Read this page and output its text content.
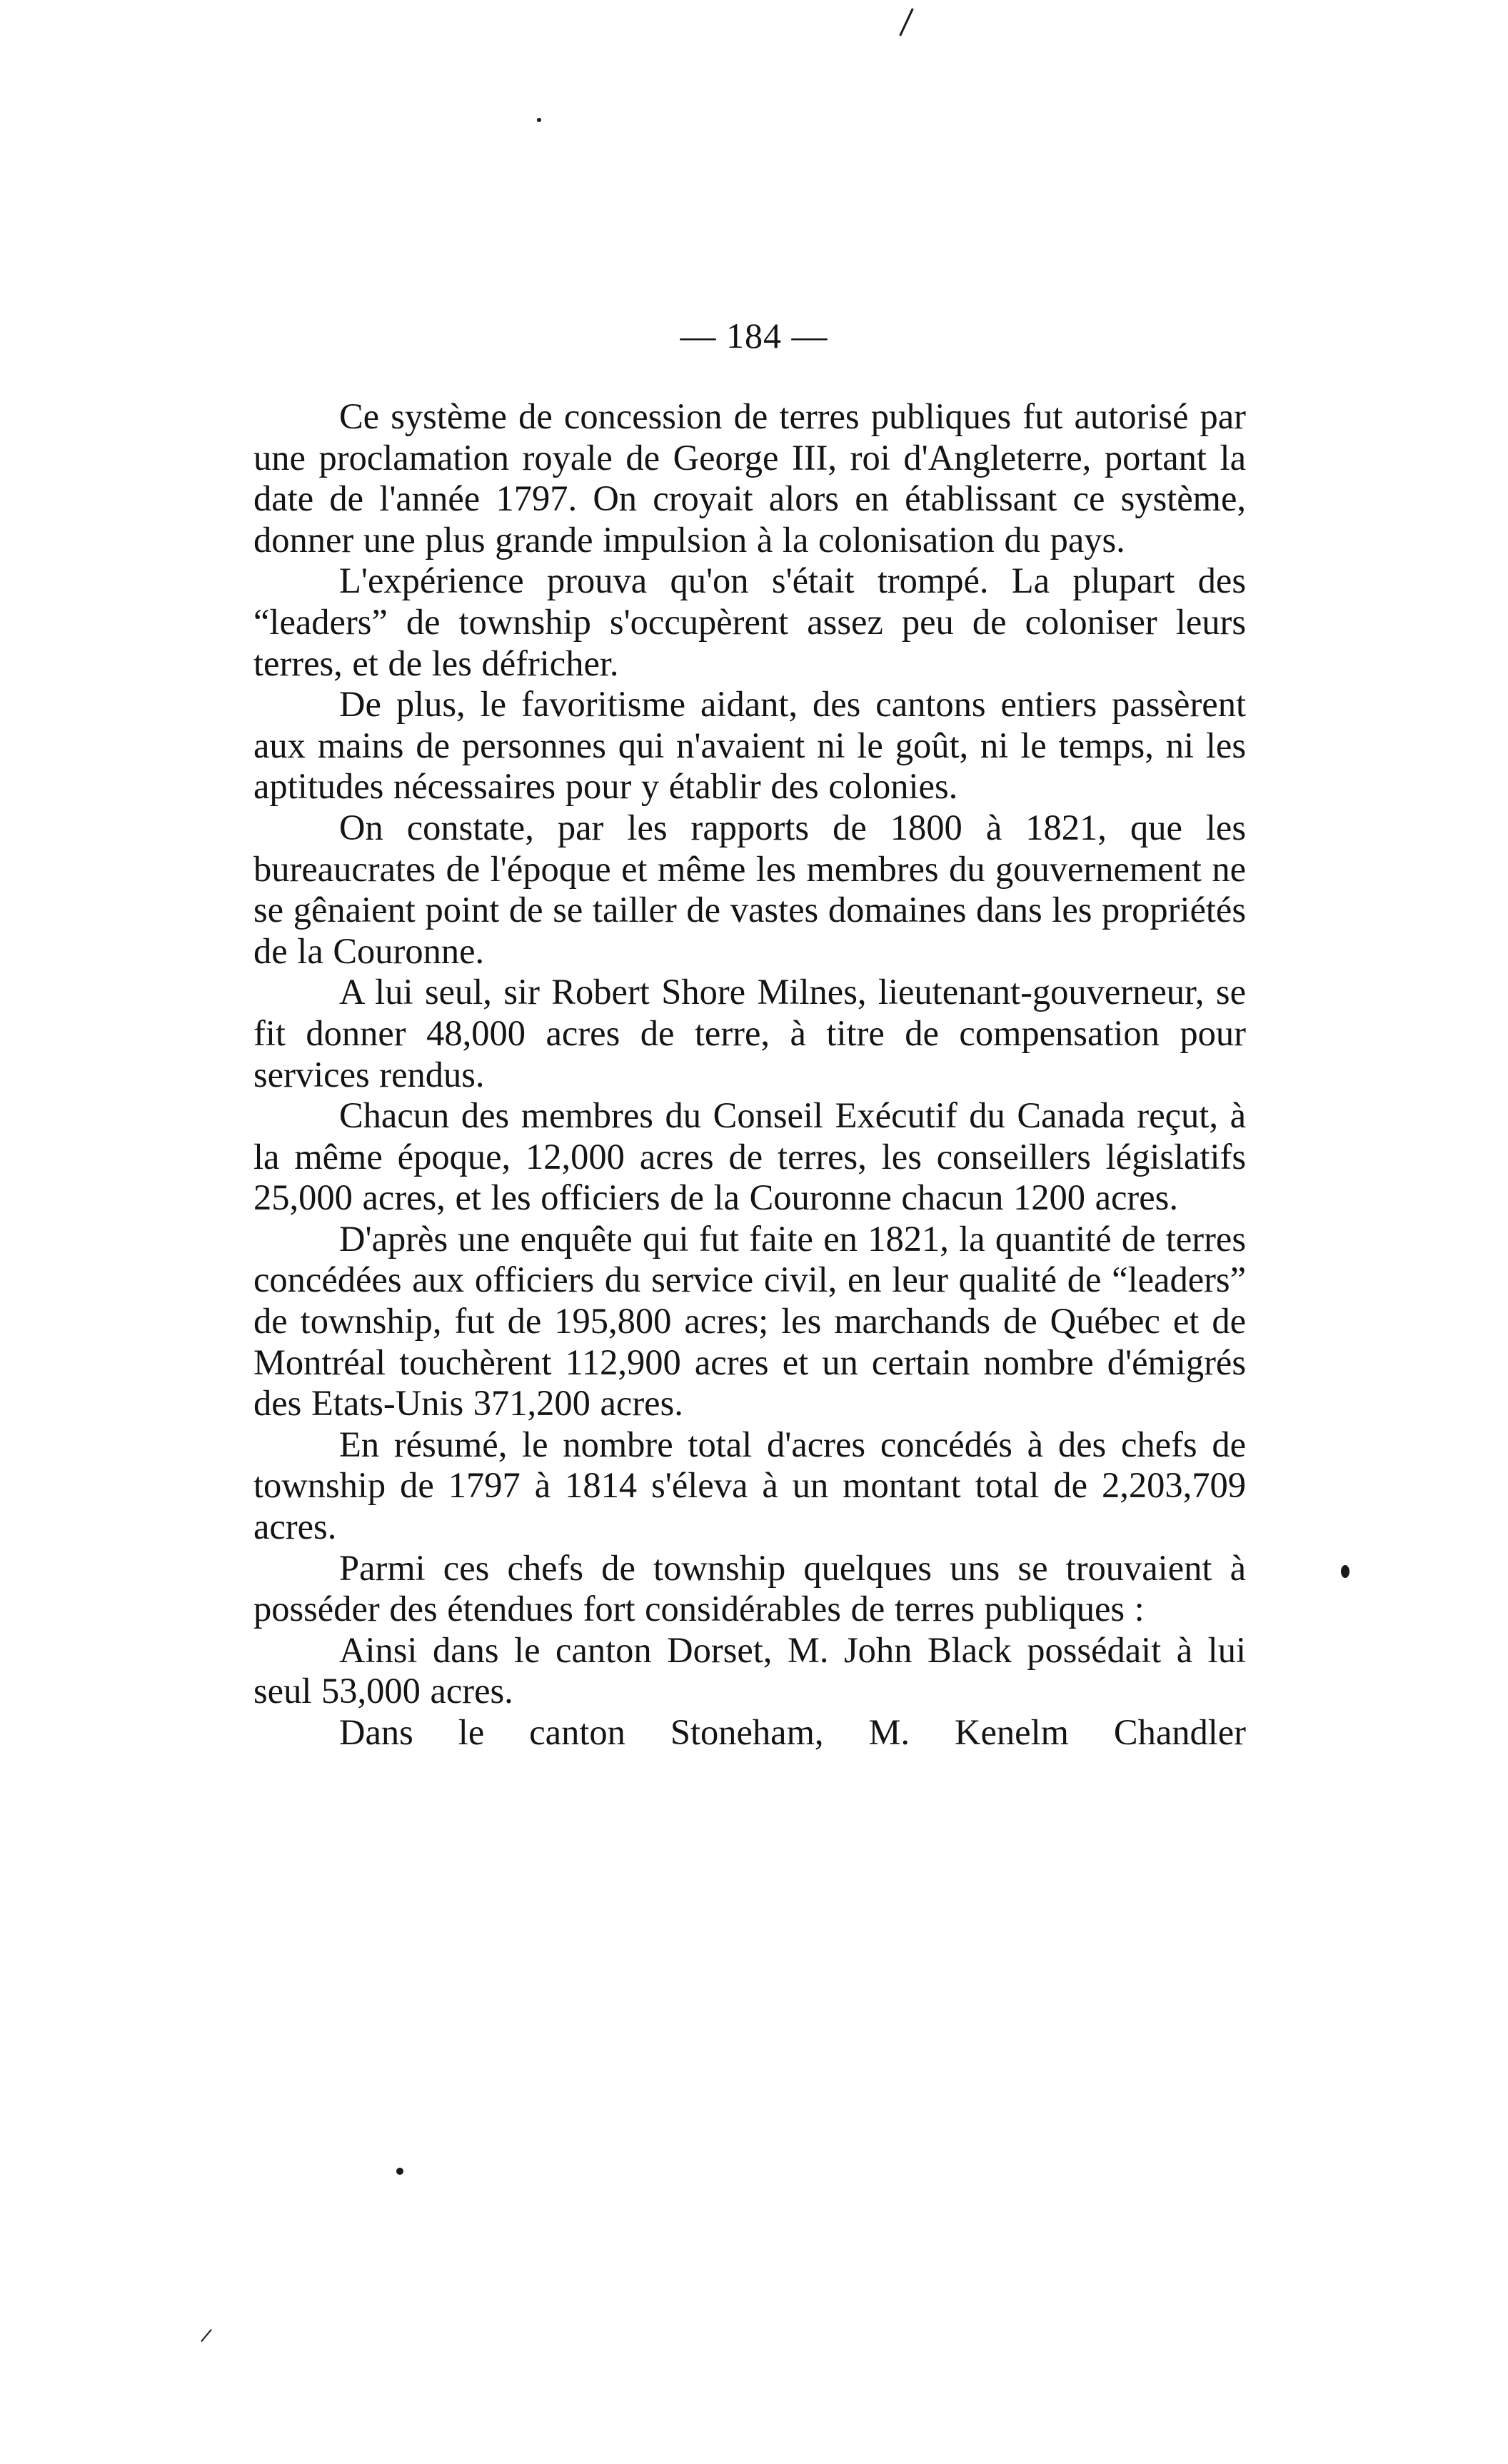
— 184 —

Ce système de concession de terres publiques fut autorisé par une proclamation royale de George III, roi d'Angleterre, portant la date de l'année 1797. On croyait alors en établissant ce système, donner une plus grande impulsion à la colonisation du pays.

L'expérience prouva qu'on s'était trompé. La plupart des “leaders” de township s'occupèrent assez peu de coloniser leurs terres, et de les défricher.

De plus, le favoritisme aidant, des cantons entiers passèrent aux mains de personnes qui n'avaient ni le goût, ni le temps, ni les aptitudes nécessaires pour y établir des colonies.

On constate, par les rapports de 1800 à 1821, que les bureaucrates de l'époque et même les membres du gouvernement ne se gênaient point de se tailler de vastes domaines dans les propriétés de la Couronne.

A lui seul, sir Robert Shore Milnes, lieutenant-gouverneur, se fit donner 48,000 acres de terre, à titre de compensation pour services rendus.

Chacun des membres du Conseil Exécutif du Canada reçut, à la même époque, 12,000 acres de terres, les conseillers législatifs 25,000 acres, et les officiers de la Couronne chacun 1200 acres.

D'après une enquête qui fut faite en 1821, la quantité de terres concédées aux officiers du service civil, en leur qualité de “leaders” de township, fut de 195,800 acres; les marchands de Québec et de Montréal touchèrent 112,900 acres et un certain nombre d'émigrés des Etats-Unis 371,200 acres.

En résumé, le nombre total d'acres concédés à des chefs de township de 1797 à 1814 s'éleva à un montant total de 2,203,709 acres.

Parmi ces chefs de township quelques uns se trouvaient à posséder des étendues fort considérables de terres publiques :

Ainsi dans le canton Dorset, M. John Black possédait à lui seul 53,000 acres.

Dans le canton Stoneham, M. Kenelm Chandler
